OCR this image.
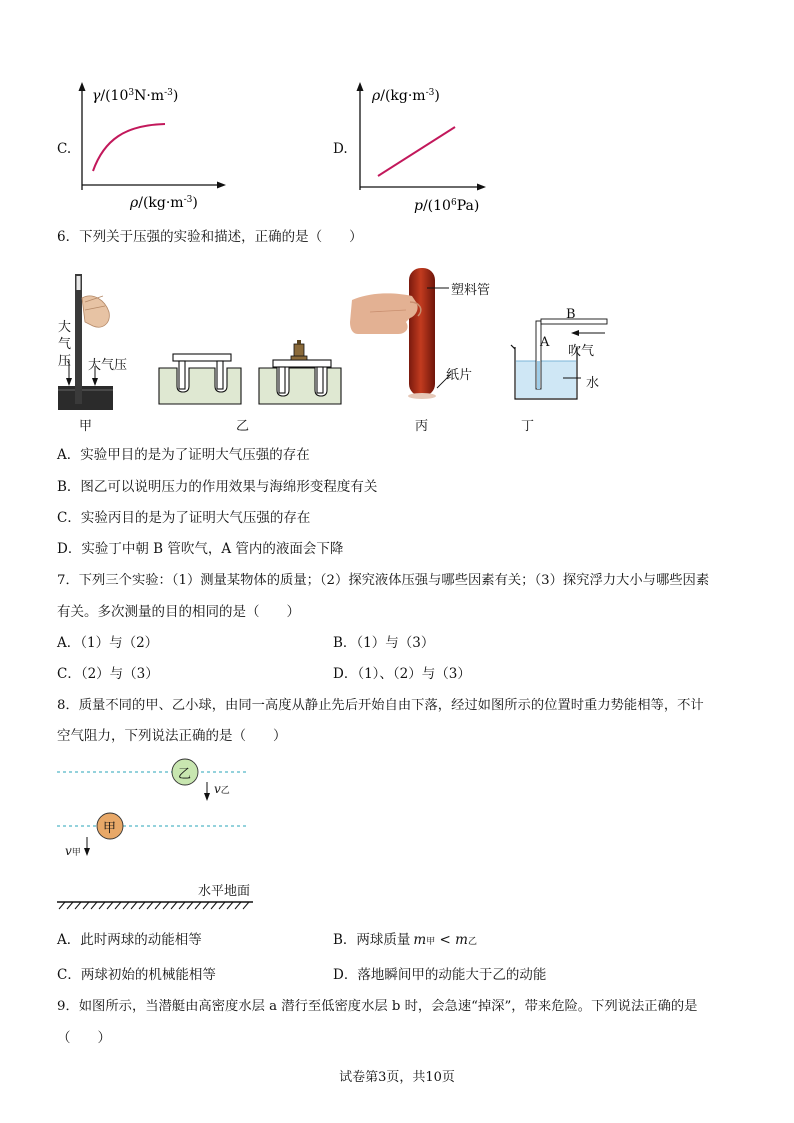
C.
$\gamma/(10^3N\cdot m^{-3})$
$\rho/(kg\cdot m^{-3})$
D.
$\rho/(kg\cdot m^{-3})$
$p/(10^6Pa)$
6．下列关于压强的实验和描述，正确的是（　　）
大
气
压 大气压
甲	乙
塑料管
纸片
丙
B
A
吹气
水
丁
A．实验甲目的是为了证明大气压强的存在
B．图乙可以说明压力的作用效果与海绵形变程度有关
C．实验丙目的是为了证明大气压强的存在
D．实验丁中朝 B 管吹气，A 管内的液面会下降
7．下列三个实验：（1）测量某物体的质量；（2）探究液体压强与哪些因素有关；（3）探究浮力大小与哪些因素
有关。多次测量的目的相同的是（　　）
A．（1）与（2）	B．（1）与（3）
C．（2）与（3）	D．（1）、（2）与（3）
8．质量不同的甲、乙小球，由同一高度从静止先后开始自由下落，经过如图所示的位置时重力势能相等，不计
空气阻力，下列说法正确的是（　　）
乙
甲
v乙
v甲
水平地面
A．此时两球的动能相等	B．两球质量 m甲 < m乙
C．两球初始的机械能相等	D．落地瞬间甲的动能大于乙的动能
9．如图所示，当潜艇由高密度水层 a 潜行至低密度水层 b 时，会急速“掉深”，带来危险。下列说法正确的是
（　　）
试卷第3页，共10页
